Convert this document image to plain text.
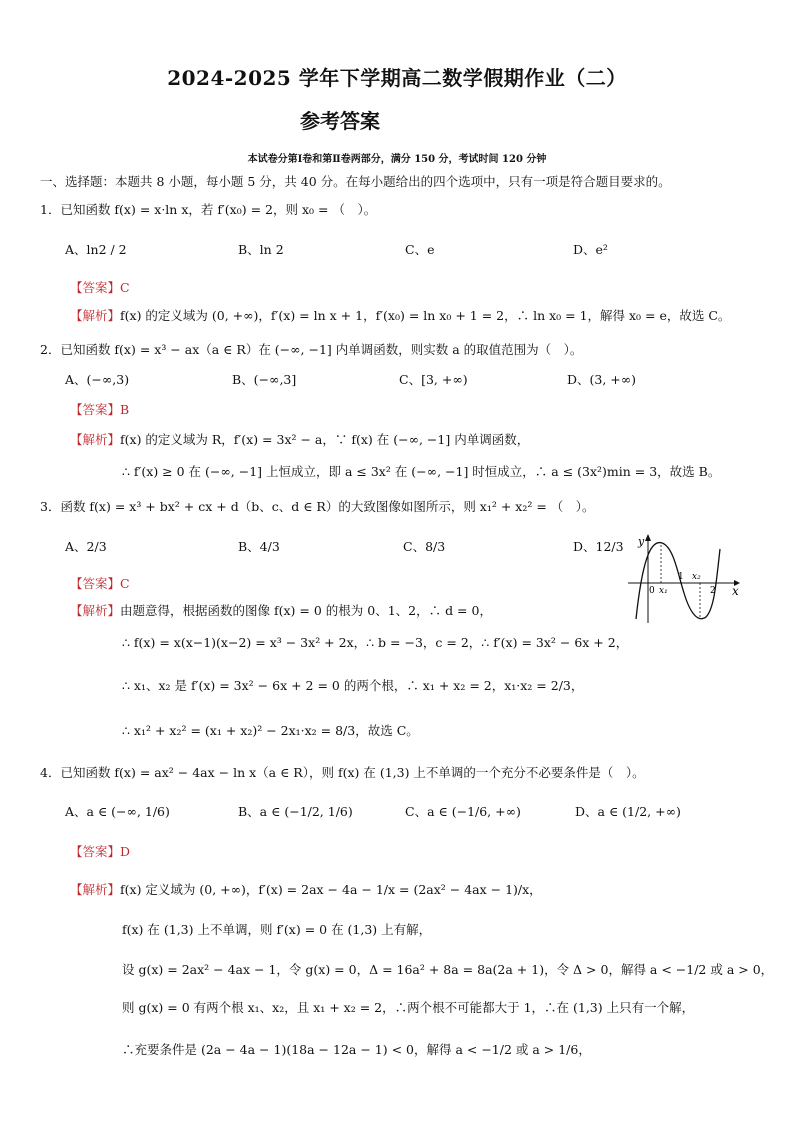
2024-2025 学年下学期高二数学假期作业（二）
参考答案
本试卷分第Ⅰ卷和第Ⅱ卷两部分，满分 150 分，考试时间 120 分钟
一、选择题：本题共 8 小题，每小题 5 分，共 40 分。在每小题给出的四个选项中，只有一项是符合题目要求的。
1．已知函数 f(x) = x·ln x，若 f′(x₀) = 2，则 x₀ = （　）。
A、ln2 / 2	B、ln 2	C、e	D、e²
【答案】C
【解析】f(x) 的定义域为 (0, +∞)，f′(x) = ln x + 1，f′(x₀) = ln x₀ + 1 = 2，∴ ln x₀ = 1，解得 x₀ = e，故选 C。
2．已知函数 f(x) = x³ − ax（a ∈ R）在 (−∞, −1] 内单调函数，则实数 a 的取值范围为（　）。
A、(−∞,3)	B、(−∞,3]	C、[3, +∞)	D、(3, +∞)
【答案】B
【解析】f(x) 的定义域为 R，f′(x) = 3x² − a，∵ f(x) 在 (−∞, −1] 内单调函数，
∴ f′(x) ≥ 0 在 (−∞, −1] 上恒成立，即 a ≤ 3x² 在 (−∞, −1] 时恒成立，∴ a ≤ (3x²)min = 3，故选 B。
3．函数 f(x) = x³ + bx² + cx + d（b、c、d ∈ R）的大致图像如图所示，则 x₁² + x₂² = （　）。
A、2/3	B、4/3	C、8/3	D、12/3 y
x
0 x₁
1 x₂
2
【答案】C
【解析】由题意得，根据函数的图像 f(x) = 0 的根为 0、1、2，∴ d = 0，
∴ f(x) = x(x−1)(x−2) = x³ − 3x² + 2x，∴ b = −3，c = 2，∴ f′(x) = 3x² − 6x + 2，
∴ x₁、x₂ 是 f′(x) = 3x² − 6x + 2 = 0 的两个根，∴ x₁ + x₂ = 2，x₁·x₂ = 2/3，
∴ x₁² + x₂² = (x₁ + x₂)² − 2x₁·x₂ = 8/3，故选 C。
4．已知函数 f(x) = ax² − 4ax − ln x（a ∈ R），则 f(x) 在 (1,3) 上不单调的一个充分不必要条件是（　）。
A、a ∈ (−∞, 1/6)	B、a ∈ (−1/2, 1/6)	C、a ∈ (−1/6, +∞)	D、a ∈ (1/2, +∞)
【答案】D
【解析】f(x) 定义域为 (0, +∞)，f′(x) = 2ax − 4a − 1/x = (2ax² − 4ax − 1)/x，
f(x) 在 (1,3) 上不单调，则 f′(x) = 0 在 (1,3) 上有解，
设 g(x) = 2ax² − 4ax − 1，令 g(x) = 0，Δ = 16a² + 8a = 8a(2a + 1)，令 Δ > 0，解得 a < −1/2 或 a > 0，
则 g(x) = 0 有两个根 x₁、x₂，且 x₁ + x₂ = 2，∴两个根不可能都大于 1，∴在 (1,3) 上只有一个解，
∴充要条件是 (2a − 4a − 1)(18a − 12a − 1) < 0，解得 a < −1/2 或 a > 1/6，
